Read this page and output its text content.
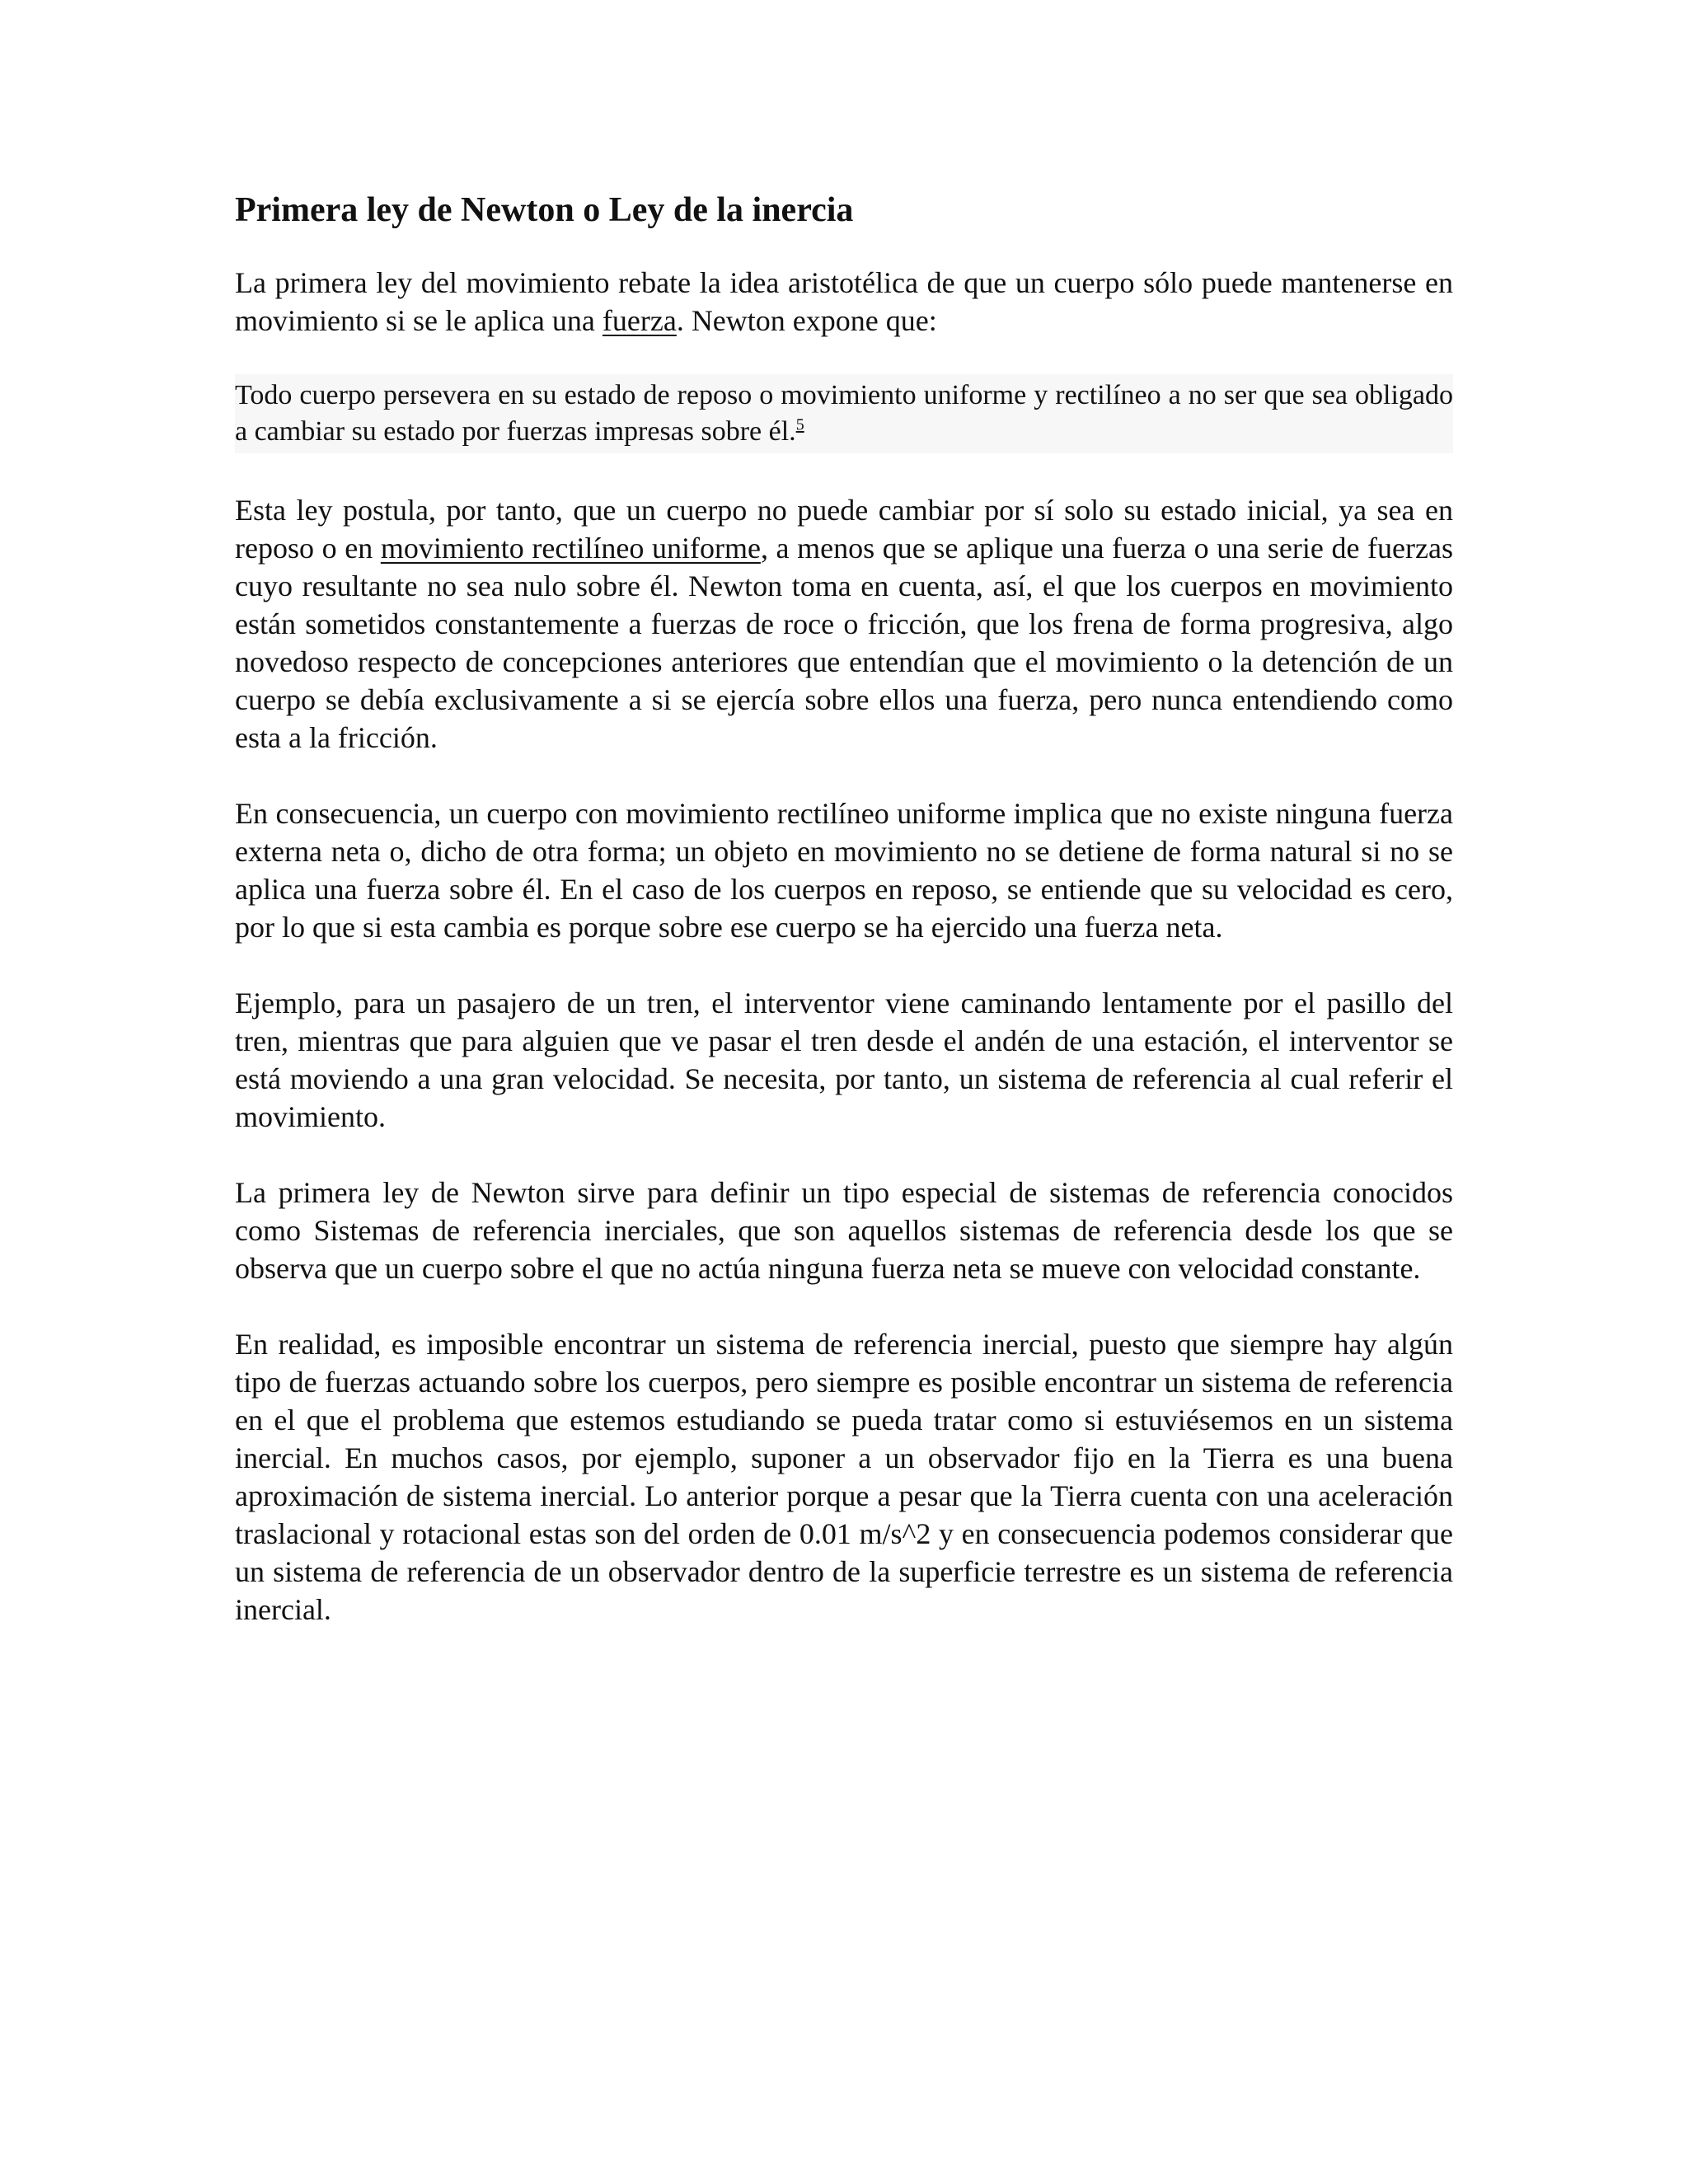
Primera ley de Newton o Ley de la inercia

La primera ley del movimiento rebate la idea aristotélica de que un cuerpo sólo puede mantenerse en movimiento si se le aplica una fuerza. Newton expone que:

Todo cuerpo persevera en su estado de reposo o movimiento uniforme y rectilíneo a no ser que sea obligado a cambiar su estado por fuerzas impresas sobre él.$^5$

Esta ley postula, por tanto, que un cuerpo no puede cambiar por sí solo su estado inicial, ya sea en reposo o en movimiento rectilíneo uniforme, a menos que se aplique una fuerza o una serie de fuerzas cuyo resultante no sea nulo sobre él. Newton toma en cuenta, así, el que los cuerpos en movimiento están sometidos constantemente a fuerzas de roce o fricción, que los frena de forma progresiva, algo novedoso respecto de concepciones anteriores que entendían que el movimiento o la detención de un cuerpo se debía exclusivamente a si se ejercía sobre ellos una fuerza, pero nunca entendiendo como esta a la fricción.

En consecuencia, un cuerpo con movimiento rectilíneo uniforme implica que no existe ninguna fuerza externa neta o, dicho de otra forma; un objeto en movimiento no se detiene de forma natural si no se aplica una fuerza sobre él. En el caso de los cuerpos en reposo, se entiende que su velocidad es cero, por lo que si esta cambia es porque sobre ese cuerpo se ha ejercido una fuerza neta.

Ejemplo, para un pasajero de un tren, el interventor viene caminando lentamente por el pasillo del tren, mientras que para alguien que ve pasar el tren desde el andén de una estación, el interventor se está moviendo a una gran velocidad. Se necesita, por tanto, un sistema de referencia al cual referir el movimiento.

La primera ley de Newton sirve para definir un tipo especial de sistemas de referencia conocidos como Sistemas de referencia inerciales, que son aquellos sistemas de referencia desde los que se observa que un cuerpo sobre el que no actúa ninguna fuerza neta se mueve con velocidad constante.

En realidad, es imposible encontrar un sistema de referencia inercial, puesto que siempre hay algún tipo de fuerzas actuando sobre los cuerpos, pero siempre es posible encontrar un sistema de referencia en el que el problema que estemos estudiando se pueda tratar como si estuviésemos en un sistema inercial. En muchos casos, por ejemplo, suponer a un observador fijo en la Tierra es una buena aproximación de sistema inercial. Lo anterior porque a pesar que la Tierra cuenta con una aceleración traslacional y rotacional estas son del orden de 0.01 m/s^2 y en consecuencia podemos considerar que un sistema de referencia de un observador dentro de la superficie terrestre es un sistema de referencia inercial.
